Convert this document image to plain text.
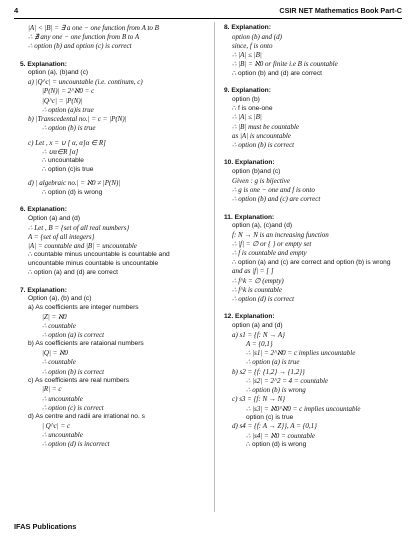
4	CSIR NET Mathematics Book Part-C
|A| < |B| = ∃ a one − one function from A to B
∴ ∄ any one − one function from B to A
∴ option (b) and option (c) is correct
5. Explanation:
option (a), (b)and (c)
a) |Q^c| = uncountable (i.e. continum, c)
|P(N)| = 2^ℵ0 = c
|Q^c| = |P(N)|
∴ option (a)is true
b) |Transcedental no.| = c = |P(N)|
∴ option (b) is true
c) Let , x = ∪ [ α, α]α ∈ R]
∴ ∪α∈R [α]
∴ uncountable
∴ option (c)is true
d) | algebraic no.| = ℵ0 ≠ |P(N)|
∴ option (d) is wrong
6. Explanation:
Option (a) and (d)
∴ Let , B = {set of all real numbers}
A = {set of all integers}
|A| = countable and |B| = uncountable
∴ countable minus uncountable is countable and
uncountable minus countable is uncountable
∴ option (a) and (d) are correct
7. Explanation:
Option (a), (b) and (c)
a) As coefficients are integer numbers
|Z| = ℵ0
∴ countable
∴ option (a) is correct
b) As coefficients are rataional numbers
|Q| = ℵ0
∴ countable
∴ option (b) is correct
c) As coefficients are real numbers
|R| = c
∴ uncountable
∴ option (c) is correct
d) As centre and radii are irrational no. s
| Q^c| = c
∴ uncountable
∴ option (d) is incorrect
8. Explanation:
option (b) and (d)
since, f is onto
∴ |A| ≤ |B|
∴ |B| = ℵ0 or finite i.e B is countable
∴ option (b) and (d) are correct
9. Explanation:
option (b)
∴ f is one-one
∴ |A| ≤ |B|
∴ |B| must be countable
as |A| is uncountable
∴ option (b) is correct
10. Explanation:
option (b)and (c)
Given : g is bijective
∴ g is one − one and f is onto
∴ option (b) and (c) are correct
11. Explanation:
option (a), (c)and (d)
f: N → N is an increasing function
∴ |f| = ∅ or { } or empty set
∴ f is countable and empty
∴ option (a) and (c) are correct and option (b) is wrong
and as |f| = [ ]
∴ f^k = ∅ (empty)
∴ f^k is countable
∴ option (d) is correct
12. Explanation:
option (a) and (d)
a) s1 = {f: N → A}
A = {0,1}
∴ |s1| = 2^ℵ0 = c implies uncountable
∴ option (a) is true
b) s2 = {f: {1,2} → {1,2}}
∴ |s2| = 2^2 = 4 = countable
∴ option (b) is wrong
c) s3 = {f: N → N}
∴ |s3| = ℵ0^ℵ0 = c implies uncountable
option (c) is true
d) s4 = {f: A → Z}}, A = {0,1}
∴ |s4| = ℵ0 = countable
∴ option (d) is wrong
IFAS Publications
